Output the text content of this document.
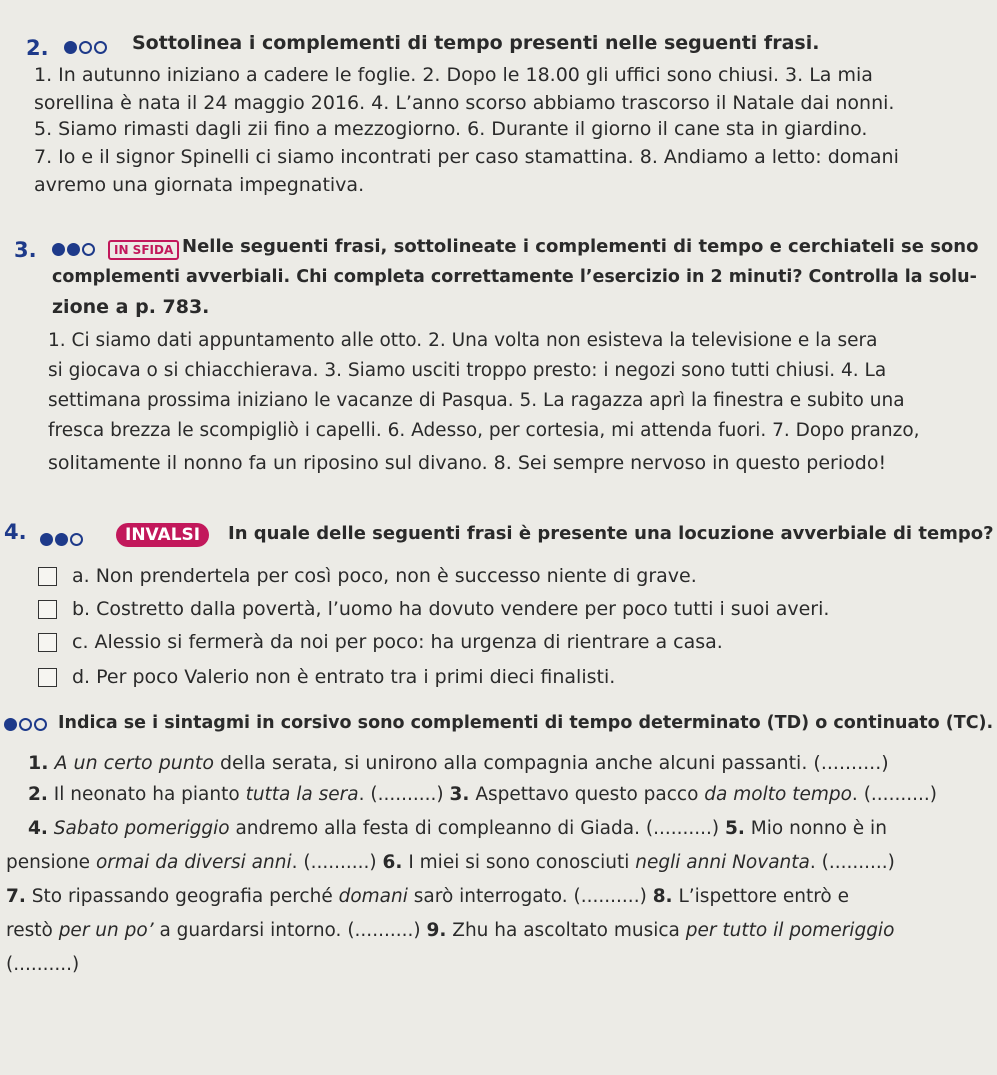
2.	Sottolinea i complementi di tempo presenti nelle seguenti frasi.
1. In autunno iniziano a cadere le foglie. 2. Dopo le 18.00 gli uffici sono chiusi. 3. La mia
sorellina è nata il 24 maggio 2016. 4. L’anno scorso abbiamo trascorso il Natale dai nonni.
5. Siamo rimasti dagli zii fino a mezzogiorno. 6. Durante il giorno il cane sta in giardino.
7. Io e il signor Spinelli ci siamo incontrati per caso stamattina. 8. Andiamo a letto: domani
avremo una giornata impegnativa.
3.	IN SFIDA Nelle seguenti frasi, sottolineate i complementi di tempo e cerchiateli se sono
complementi avverbiali. Chi completa correttamente l’esercizio in 2 minuti? Controlla la solu-
zione a p. 783.
1. Ci siamo dati appuntamento alle otto. 2. Una volta non esisteva la televisione e la sera
si giocava o si chiacchierava. 3. Siamo usciti troppo presto: i negozi sono tutti chiusi. 4. La
settimana prossima iniziano le vacanze di Pasqua. 5. La ragazza aprì la finestra e subito una
fresca brezza le scompigliò i capelli. 6. Adesso, per cortesia, mi attenda fuori. 7. Dopo pranzo,
solitamente il nonno fa un riposino sul divano. 8. Sei sempre nervoso in questo periodo!
4.	INVALSI	In quale delle seguenti frasi è presente una locuzione avverbiale di tempo?
a. Non prendertela per così poco, non è successo niente di grave.
b. Costretto dalla povertà, l’uomo ha dovuto vendere per poco tutti i suoi averi.
c. Alessio si fermerà da noi per poco: ha urgenza di rientrare a casa.
d. Per poco Valerio non è entrato tra i primi dieci finalisti.
Indica se i sintagmi in corsivo sono complementi di tempo determinato (TD) o continuato (TC).
1. A un certo punto della serata, si unirono alla compagnia anche alcuni passanti. (..........)
2. Il neonato ha pianto tutta la sera. (..........) 3. Aspettavo questo pacco da molto tempo. (..........)
4. Sabato pomeriggio andremo alla festa di compleanno di Giada. (..........) 5. Mio nonno è in
pensione ormai da diversi anni. (..........) 6. I miei si sono conosciuti negli anni Novanta. (..........)
7. Sto ripassando geografia perché domani sarò interrogato. (..........) 8. L’ispettore entrò e
restò per un po’ a guardarsi intorno. (..........) 9. Zhu ha ascoltato musica per tutto il pomeriggio
(..........)
